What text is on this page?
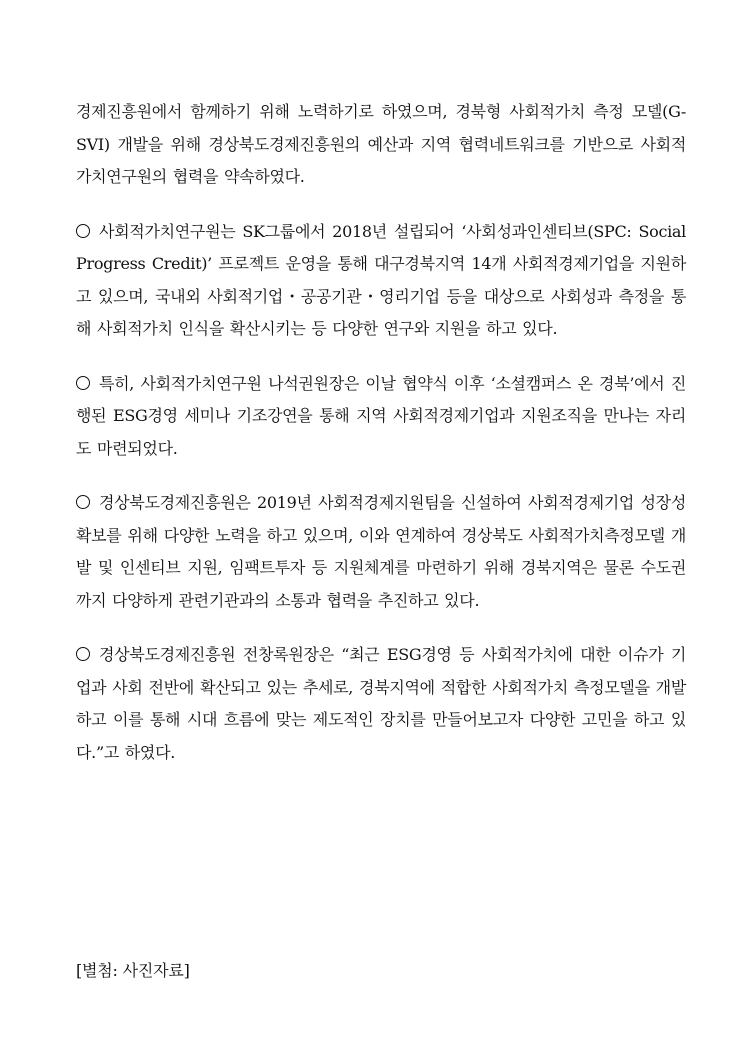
경제진흥원에서 함께하기 위해 노력하기로 하였으며, 경북형 사회적가치 측정 모델(G-SVI) 개발을 위해 경상북도경제진흥원의 예산과 지역 협력네트워크를 기반으로 사회적가치연구원의 협력을 약속하였다.

사회적가치연구원는 SK그룹에서 2018년 설립되어 ‘사회성과인센티브(SPC: Social Progress Credit)’ 프로젝트 운영을 통해 대구경북지역 14개 사회적경제기업을 지원하고 있으며, 국내외 사회적기업・공공기관・영리기업 등을 대상으로 사회성과 측정을 통해 사회적가치 인식을 확산시키는 등 다양한 연구와 지원을 하고 있다.

특히, 사회적가치연구원 나석권원장은 이날 협약식 이후 ‘소셜캠퍼스 온 경북’에서 진행된 ESG경영 세미나 기조강연을 통해 지역 사회적경제기업과 지원조직을 만나는 자리도 마련되었다.

경상북도경제진흥원은 2019년 사회적경제지원팀을 신설하여 사회적경제기업 성장성 확보를 위해 다양한 노력을 하고 있으며, 이와 연계하여 경상북도 사회적가치측정모델 개발 및 인센티브 지원, 임팩트투자 등 지원체계를 마련하기 위해 경북지역은 물론 수도권까지 다양하게 관련기관과의 소통과 협력을 추진하고 있다.

경상북도경제진흥원 전창록원장은 “최근 ESG경영 등 사회적가치에 대한 이슈가 기업과 사회 전반에 확산되고 있는 추세로, 경북지역에 적합한 사회적가치 측정모델을 개발하고 이를 통해 시대 흐름에 맞는 제도적인 장치를 만들어보고자 다양한 고민을 하고 있다.”고 하였다.

[별첨: 사진자료]
